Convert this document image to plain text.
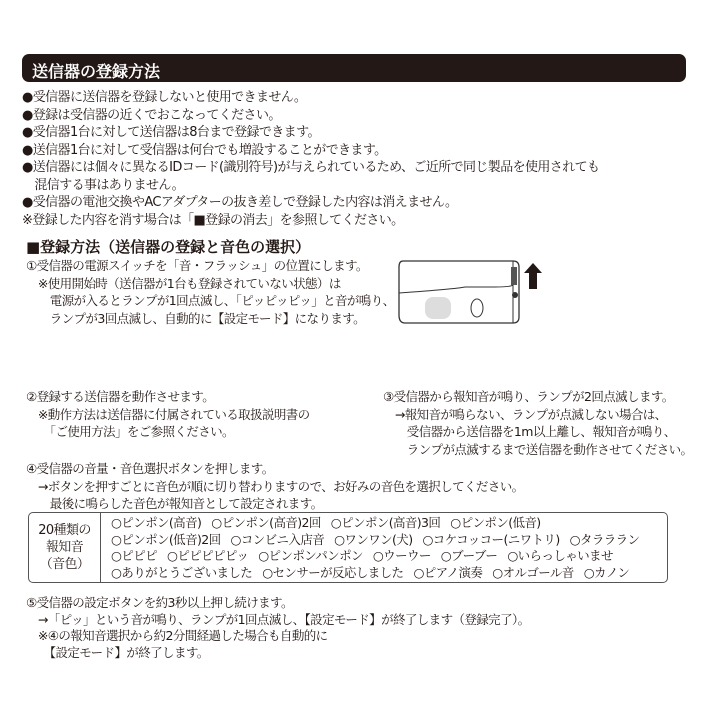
送信器の登録方法
●受信器に送信器を登録しないと使用できません。
●登録は受信器の近くでおこなってください。
●受信器1台に対して送信器は8台まで登録できます。
●送信器1台に対して受信器は何台でも増設することができます。
●送信器には個々に異なるIDコード(識別符号)が与えられているため、ご近所で同じ製品を使用されても
　混信する事はありません。
●受信器の電池交換やACアダプターの抜き差しで登録した内容は消えません。
※登録した内容を消す場合は「■登録の消去」を参照してください。
■登録方法（送信器の登録と音色の選択）
①受信器の電源スイッチを「音・フラッシュ」の位置にします。
　※使用開始時（送信器が1台も登録されていない状態）は
　　電源が入るとランプが1回点滅し、「ピッピッピッ」と音が鳴り、
　　ランプが3回点滅し、自動的に【設定モード】になります。
②登録する送信器を動作させます。
　※動作方法は送信器に付属されている取扱説明書の
　　「ご使用方法」をご参照ください。
③受信器から報知音が鳴り、ランプが2回点滅します。
　→報知音が鳴らない、ランプが点滅しない場合は、
　　受信器から送信器を1m以上離し、報知音が鳴り、
　　ランプが点滅するまで送信器を動作させてください。
④受信器の音量・音色選択ボタンを押します。
　→ボタンを押すごとに音色が順に切り替わりますので、お好みの音色を選択してください。
　　最後に鳴らした音色が報知音として設定されます。
20種類の
報知音
（音色）
○ピンポン(高音) ○ピンポン(高音)2回 ○ピンポン(高音)3回 ○ピンポン(低音)
○ピンポン(低音)2回 ○コンビニ入店音 ○ワンワン(犬) ○コケコッコー(ニワトリ) ○タラララン
○ピピピ ○ピピピピピッ ○ピンポンパンポン ○ウーウー ○ブーブー ○いらっしゃいませ
○ありがとうございました ○センサーが反応しました ○ピアノ演奏 ○オルゴール音 ○カノン
⑤受信器の設定ボタンを約3秒以上押し続けます。
　→「ピッ」という音が鳴り、ランプが1回点滅し、【設定モード】が終了します（登録完了）。
　※④の報知音選択から約2分間経過した場合も自動的に
　　【設定モード】が終了します。
